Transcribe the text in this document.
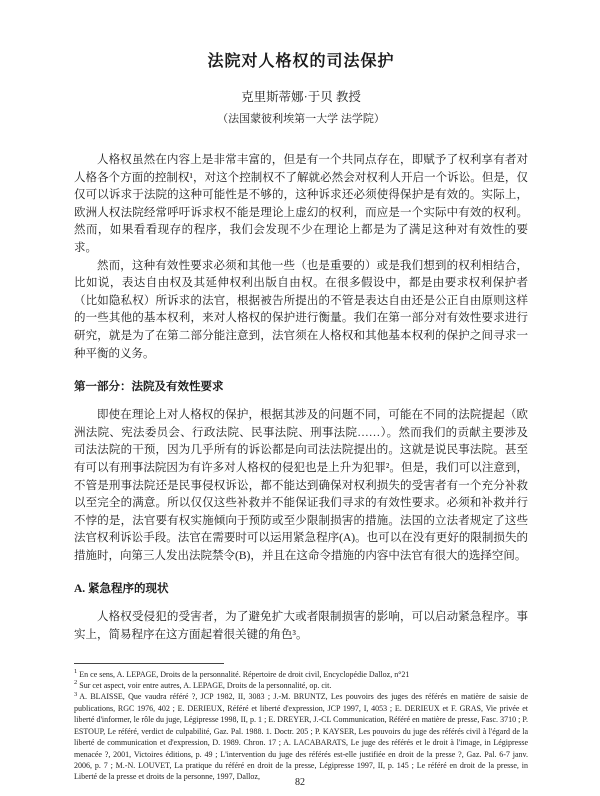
法院对人格权的司法保护
克里斯蒂娜·于贝 教授
（法国蒙彼利埃第一大学 法学院）

人格权虽然在内容上是非常丰富的，但是有一个共同点存在，即赋予了权利享有者对人格各个方面的控制权¹，对这个控制权不了解就必然会对权利人开启一个诉讼。但是，仅仅可以诉求于法院的这种可能性是不够的，这种诉求还必须使得保护是有效的。实际上，欧洲人权法院经常呼吁诉求权不能是理论上虚幻的权利，而应是一个实际中有效的权利。然而，如果看看现存的程序，我们会发现不少在理论上都是为了满足这种对有效性的要求。

然而，这种有效性要求必须和其他一些（也是重要的）或是我们想到的权利相结合，比如说，表达自由权及其延伸权利出版自由权。在很多假设中，都是由要求权利保护者（比如隐私权）所诉求的法官，根据被告所提出的不管是表达自由还是公正自由原则这样的一些其他的基本权利，来对人格权的保护进行衡量。我们在第一部分对有效性要求进行研究，就是为了在第二部分能注意到，法官须在人格权和其他基本权利的保护之间寻求一种平衡的义务。

第一部分：法院及有效性要求

即使在理论上对人格权的保护，根据其涉及的问题不同，可能在不同的法院提起（欧洲法院、宪法委员会、行政法院、民事法院、刑事法院……）。然而我们的贡献主要涉及司法法院的干预，因为几乎所有的诉讼都是向司法法院提出的。这就是说民事法院。甚至有可以有刑事法院因为有许多对人格权的侵犯也是上升为犯罪²。但是，我们可以注意到，不管是刑事法院还是民事侵权诉讼，都不能达到确保对权利损失的受害者有一个充分补救以至完全的满意。所以仅仅这些补救并不能保证我们寻求的有效性要求。必须和补救并行不悖的是，法官要有权实施倾向于预防或至少限制损害的措施。法国的立法者规定了这些法官权利诉讼手段。法官在需要时可以运用紧急程序(A)。也可以在没有更好的限制损失的措施时，向第三人发出法院禁令(B)，并且在这命令措施的内容中法官有很大的选择空间。

A. 紧急程序的现状

人格权受侵犯的受害者，为了避免扩大或者限制损害的影响，可以启动紧急程序。事实上，简易程序在这方面起着很关键的角色³。

$^1$ En ce sens, A. LEPAGE, Droits de la personnalité. Répertoire de droit civil, Encyclopédie Dalloz, n°21
$^2$ Sur cet aspect, voir entre autres, A. LEPAGE, Droits de la personnalité, op. cit.
$^3$ A. BLAISSE, Que vaudra référé ?, JCP 1982, II, 3083 ; J.-M. BRUNTZ, Les pouvoirs des juges des référés en matière de saisie de publications, RGC 1976, 402 ; E. DERIEUX, Référé et liberté d'expression, JCP 1997, I, 4053 ; E. DERIEUX et F. GRAS, Vie privée et liberté d'informer, le rôle du juge, Légipresse 1998, II, p. 1 ; E. DREYER, J.-CL Communication, Référé en matière de presse, Fasc. 3710 ; P. ESTOUP, Le référé, verdict de culpabilité, Gaz. Pal. 1988. 1. Doctr. 205 ; P. KAYSER, Les pouvoirs du juge des référés civil à l'égard de la liberté de communication et d'expression, D. 1989. Chron. 17 ; A. LACABARATS, Le juge des référés et le droit à l'image, in Légipresse menacée ?, 2001, Victoires éditions, p. 49 ; L'intervention du juge des référés est-elle justifiée en droit de la presse ?, Gaz. Pal. 6-7 janv. 2006, p. 7 ; M.-N. LOUVET, La pratique du référé en droit de la presse, Légipresse 1997, II, p. 145 ; Le référé en droit de la presse, in Liberté de la presse et droits de la personne, 1997, Dalloz,
82
